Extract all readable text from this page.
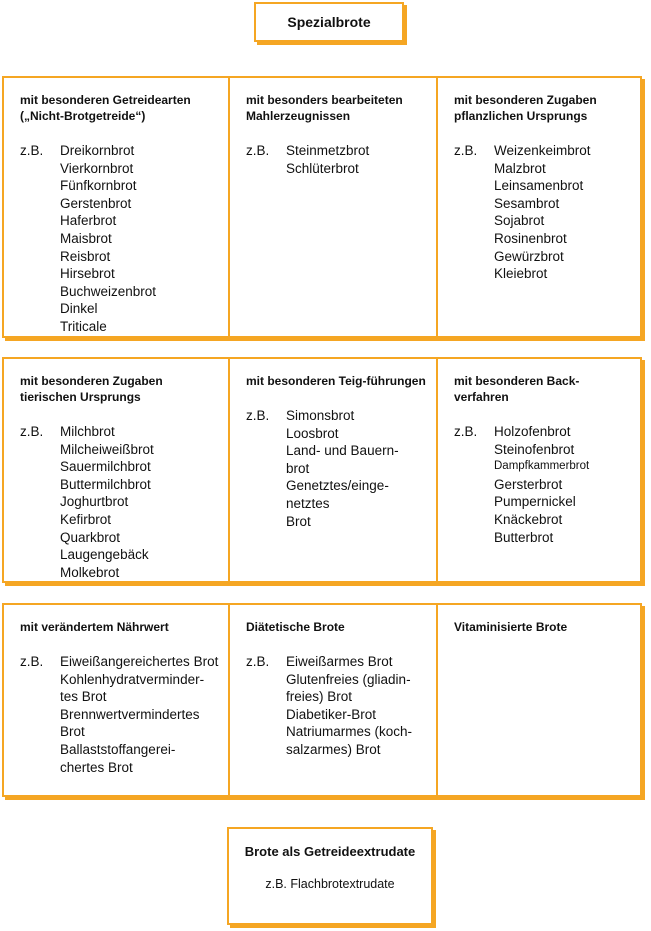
Spezialbrote
mit besonderen Getreidearten („Nicht-Brotgetreide“)
z.B.	Dreikornbrot
Vierkornbrot
Fünfkornbrot
Gerstenbrot
Haferbrot
Maisbrot
Reisbrot
Hirsebrot
Buchweizenbrot
Dinkel
Triticale
mit besonders bearbeiteten Mahlerzeugnissen
z.B.	Steinmetzbrot
Schlüterbrot
mit besonderen Zugaben pflanzlichen Ursprungs
z.B.	Weizenkeimbrot
Malzbrot
Leinsamenbrot
Sesambrot
Sojabrot
Rosinenbrot
Gewürzbrot
Kleiebrot
mit besonderen Zugaben tierischen Ursprungs
z.B.	Milchbrot
Milcheiweißbrot
Sauermilchbrot
Buttermilchbrot
Joghurtbrot
Kefirbrot
Quarkbrot
Laugengebäck
Molkebrot
mit besonderen Teig-führungen
z.B.	Simonsbrot
Loosbrot
Land- und Bauern-
brot
Genetztes/einge-
netztes
Brot
mit besonderen Back-verfahren
z.B.	Holzofenbrot
Steinofenbrot
Dampfkammerbrot
Gersterbrot
Pumpernickel
Knäckebrot
Butterbrot
mit verändertem Nährwert
z.B.	Eiweißangereichertes Brot
Kohlenhydratverminder-
tes Brot
Brennwertvermindertes
Brot
Ballaststoffangerei-
chertes Brot
Diätetische Brote
z.B.	Eiweißarmes Brot
Glutenfreies (gliadin-
freies) Brot
Diabetiker-Brot
Natriumarmes (koch-
salzarmes) Brot
Vitaminisierte Brote
Brote als Getreideextrudate
z.B. Flachbrotextrudate
